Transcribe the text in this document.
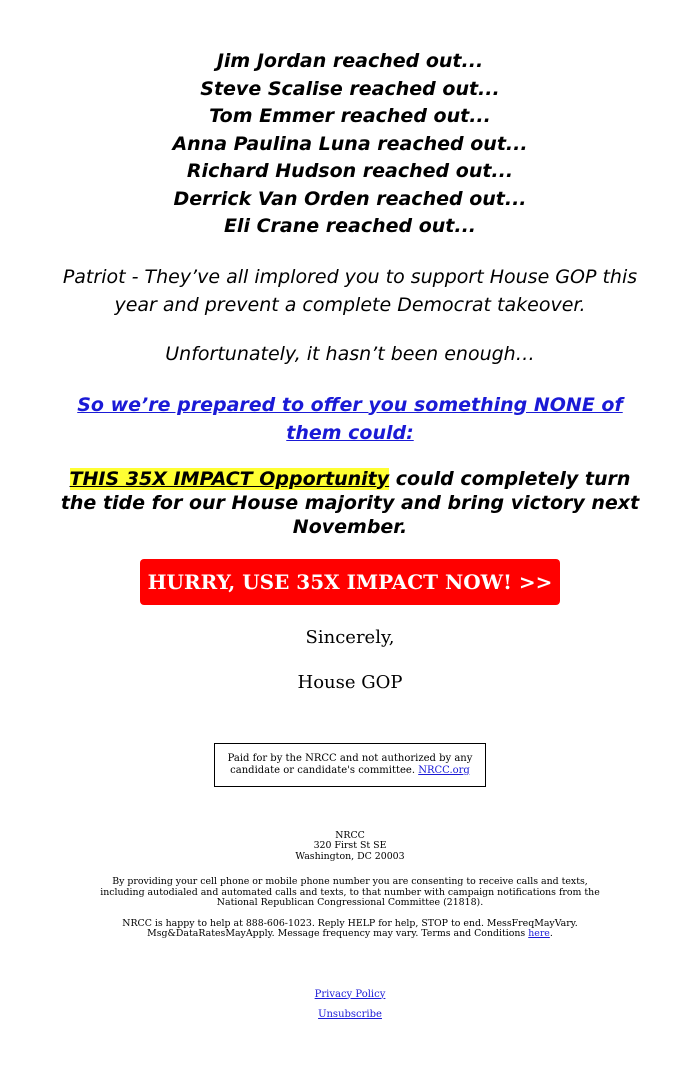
Jim Jordan reached out...

Steve Scalise reached out...

Tom Emmer reached out...

Anna Paulina Luna reached out...

Richard Hudson reached out...

Derrick Van Orden reached out...

Eli Crane reached out...

Patriot - They’ve all implored you to support House GOP this year and prevent a complete Democrat takeover.

Unfortunately, it hasn’t been enough…

So we’re prepared to offer you something NONE of them could:

THIS 35X IMPACT Opportunity could completely turn the tide for our House majority and bring victory next November.

HURRY, USE 35X IMPACT NOW! >>

Sincerely,

House GOP

Paid for by the NRCC and not authorized by any candidate or candidate's committee. NRCC.org
NRCC
320 First St SE
Washington, DC 20003
By providing your cell phone or mobile phone number you are consenting to receive calls and texts, including autodialed and automated calls and texts, to that number with campaign notifications from the National Republican Congressional Committee (21818).
NRCC is happy to help at 888-606-1023. Reply HELP for help, STOP to end. MessFreqMayVary. Msg&DataRatesMayApply. Message frequency may vary. Terms and Conditions here.
Privacy Policy
Unsubscribe
